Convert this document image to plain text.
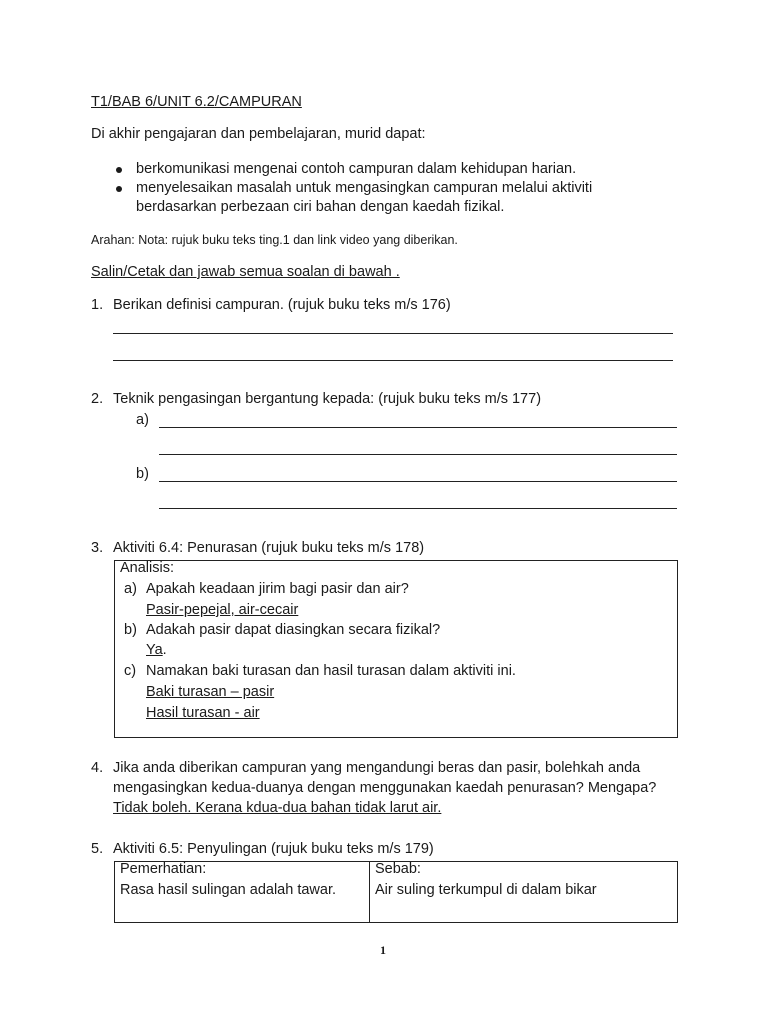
T1/BAB 6/UNIT 6.2/CAMPURAN
Di akhir pengajaran dan pembelajaran, murid dapat:
berkomunikasi mengenai contoh campuran dalam kehidupan harian.
menyelesaikan masalah untuk mengasingkan campuran melalui aktiviti
berdasarkan perbezaan ciri bahan dengan kaedah fizikal.
Arahan: Nota: rujuk buku teks ting.1 dan link video yang diberikan.
Salin/Cetak dan jawab semua soalan di bawah .
1. Berikan definisi campuran. (rujuk buku teks m/s 176)
2. Teknik pengasingan bergantung kepada: (rujuk buku teks m/s 177)
a)
b)
3. Aktiviti 6.4: Penurasan (rujuk buku teks m/s 178)
Analisis:
a) Apakah keadaan jirim bagi pasir dan air?
Pasir-pepejal, air-cecair
b) Adakah pasir dapat diasingkan secara fizikal?
Ya.
c) Namakan baki turasan dan hasil turasan dalam aktiviti ini.
Baki turasan – pasir
Hasil turasan - air
4. Jika anda diberikan campuran yang mengandungi beras dan pasir, bolehkah anda
mengasingkan kedua-duanya dengan menggunakan kaedah penurasan? Mengapa?
Tidak boleh. Kerana kdua-dua bahan tidak larut air.
5. Aktiviti 6.5: Penyulingan (rujuk buku teks m/s 179)
Pemerhatian:	Sebab:
Rasa hasil sulingan adalah tawar.	Air suling terkumpul di dalam bikar
1
